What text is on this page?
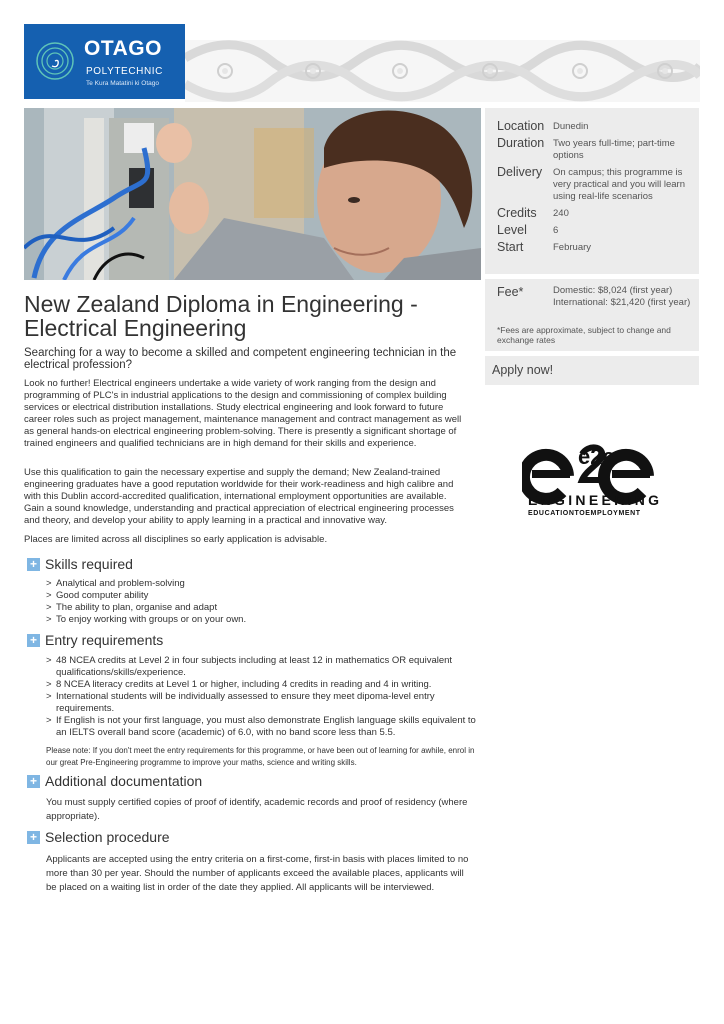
OTAGO
POLYTECHNIC
Te Kura Matatini ki Otago
Location Dunedin
Duration Two years full-time; part-time options
Delivery On campus; this programme is very practical and you will learn using real-life scenarios
Credits 240
Level	6
Start	February
Fee*	Domestic: $8,024 (first year)
International: $21,420 (first year)
*Fees are approximate, subject to change and exchange rates
Apply now!
e2e
ENGINEERING
EDUCATIONTOEMPLOYMENT
New Zealand Diploma in Engineering - Electrical Engineering
Searching for a way to become a skilled and competent engineering technician in the electrical profession?

Look no further! Electrical engineers undertake a wide variety of work ranging from the design and programming of PLC's in industrial applications to the design and commissioning of complex building services or electrical distribution installations. Study electrical engineering and look forward to future career roles such as project management, maintenance management and contract management as well as general hands-on electrical engineering problem-solving. There is presently a significant shortage of trained engineers and qualified technicians are in high demand for their skills and experience.

Use this qualification to gain the necessary expertise and supply the demand; New Zealand-trained engineering graduates have a good reputation worldwide for their work-readiness and high calibre and with this Dublin accord-accredited qualification, international employment opportunities are available. Gain a sound knowledge, understanding and practical appreciation of electrical engineering processes and theory, and develop your ability to apply learning in a practical and innovative way.

Places are limited across all disciplines so early application is advisable.

+ Skills required
> Analytical and problem-solving
> Good computer ability
> The ability to plan, organise and adapt
> To enjoy working with groups or on your own.
+ Entry requirements
> 48 NCEA credits at Level 2 in four subjects including at least 12 in mathematics OR equivalent qualifications/skills/experience.
> 8 NCEA literacy credits at Level 1 or higher, including 4 credits in reading and 4 in writing.
> International students will be individually assessed to ensure they meet dipoma-level entry requirements.
> If English is not your first language, you must also demonstrate English language skills equivalent to an IELTS overall band score (academic) of 6.0, with no band score less than 5.5.

Please note: If you don't meet the entry requirements for this programme, or have been out of learning for awhile, enrol in our great Pre-Engineering programme to improve your maths, science and writing skills.

+ Additional documentation

You must supply certified copies of proof of identify, academic records and proof of residency (where appropriate).

+ Selection procedure

Applicants are accepted using the entry criteria on a first-come, first-in basis with places limited to no more than 30 per year. Should the number of applicants exceed the available places, applicants will be placed on a waiting list in order of the date they applied. All applicants will be interviewed.
